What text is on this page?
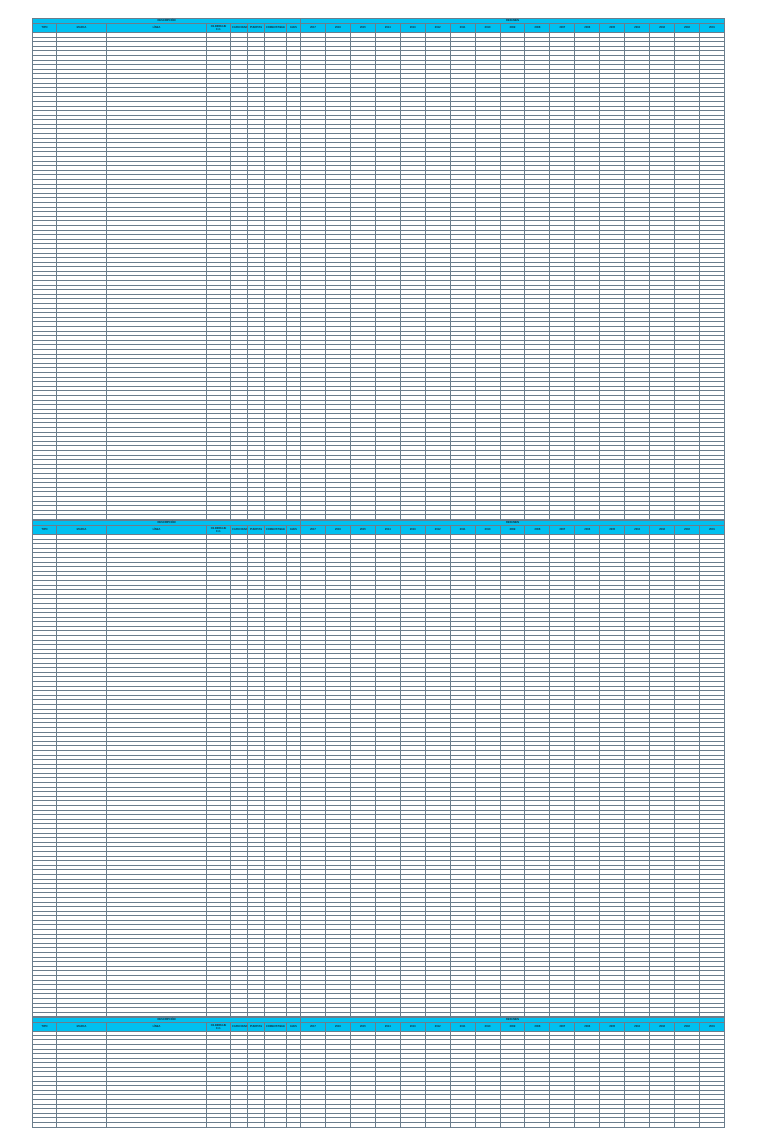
DESCRIPCIÓN								RESUMEN																
TIPO	MARCA	LÍNEA	CILINDRAJE C.C.	CAPACIDAD	PUERTAS	COMBUSTIBLE	EJES	2017	2016	2015	2014	2013	2012	2011	2010	2009	2008	2007	2006	2005	2004	2003	2002	2001

DESCRIPCIÓN								RESUMEN																
TIPO	MARCA	LÍNEA	CILINDRAJE C.C.	CAPACIDAD	PUERTAS	COMBUSTIBLE	EJES	2017	2016	2015	2014	2013	2012	2011	2010	2009	2008	2007	2006	2005	2004	2003	2002	2001

DESCRIPCIÓN								RESUMEN																
TIPO	MARCA	LÍNEA	CILINDRAJE C.C.	CAPACIDAD	PUERTAS	COMBUSTIBLE	EJES	2017	2016	2015	2014	2013	2012	2011	2010	2009	2008	2007	2006	2005	2004	2003	2002	2001
